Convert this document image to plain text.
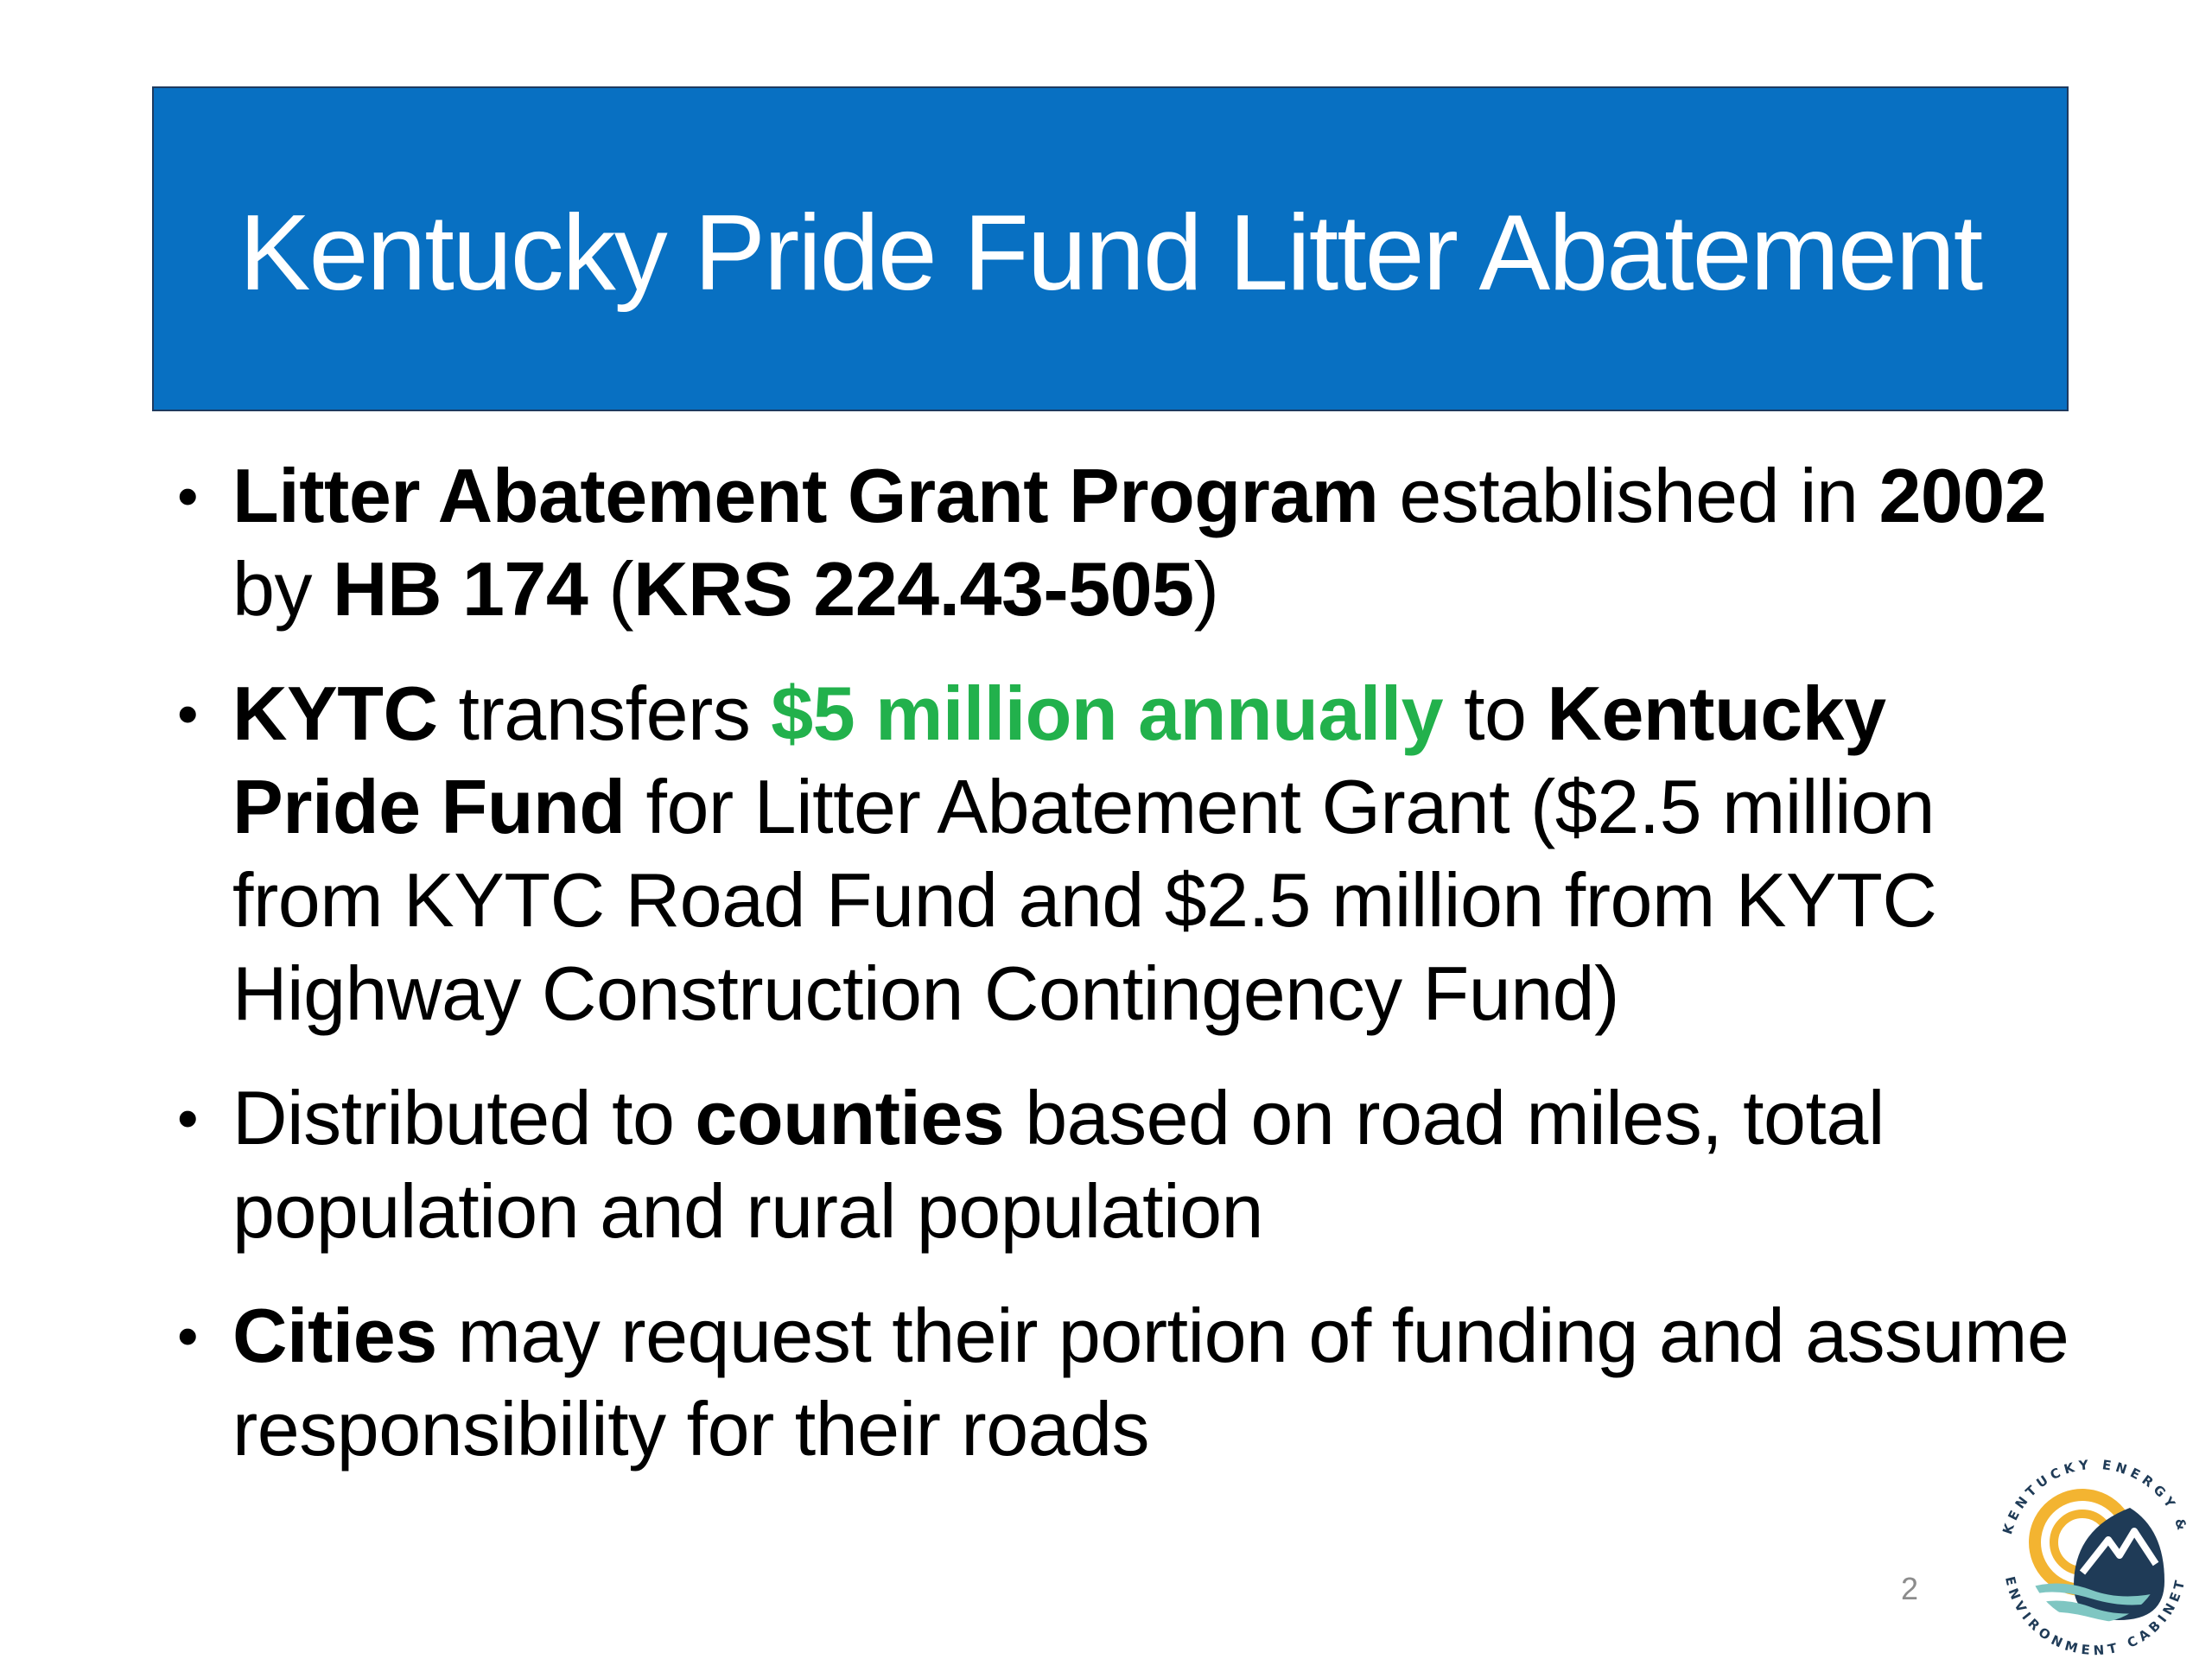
Kentucky Pride Fund Litter Abatement
• Litter Abatement Grant Program established in 2002 by HB 174 (KRS 224.43-505)
• KYTC transfers $5 million annually to Kentucky Pride Fund for Litter Abatement Grant ($2.5 million from KYTC Road Fund and $2.5 million from KYTC Highway Construction Contingency Fund)
• Distributed to counties based on road miles, total population and rural population
• Cities may request their portion of funding and assume responsibility for their roads
2
KENTUCKY ENERGY &
ENVIRONMENT CABINET
